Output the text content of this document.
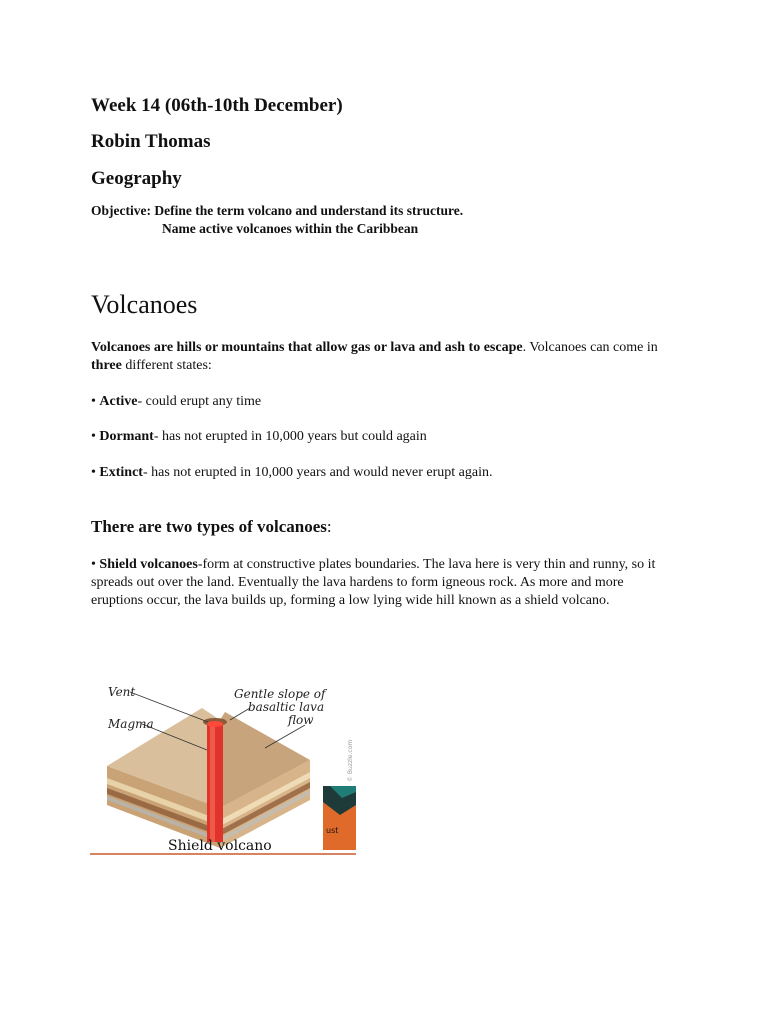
Week 14 (06th-10th December)
Robin Thomas
Geography
Objective: Define the term volcano and understand its structure.
Name active volcanoes within the Caribbean
Volcanoes

Volcanoes are hills or mountains that allow gas or lava and ash to escape. Volcanoes can come in three different states:

• Active- could erupt any time

• Dormant- has not erupted in 10,000 years but could again

• Extinct- has not erupted in 10,000 years and would never erupt again.

There are two types of volcanoes:

• Shield volcanoes-form at constructive plates boundaries. The lava here is very thin and runny, so it spreads out over the land. Eventually the lava hardens to form igneous rock. As more and more eruptions occur, the lava builds up, forming a low lying wide hill known as a shield volcano.

Vent
Magma
Gentle slope of
basaltic lava
flow
© Buzzle.com
ust
Shield volcano
